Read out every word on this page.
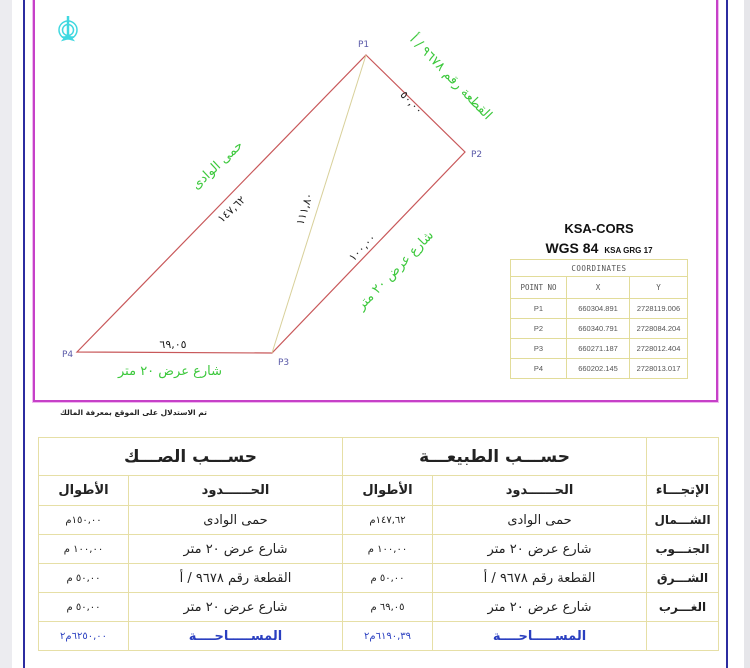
P1
P2
P3
P4
حمى الوادى
١٤٧,٦٢
القطعة رقم ٩٦٧٨ / أ
٥٠,٠٠
شارع عرض ٢٠ متر
١٠٠,٠٠
شارع عرض ٢٠ متر
٦٩,٠٥
١١١,٨٠
KSA-CORS
WGS 84 KSA GRG 17
COORDINATES		
POINT NO	X	Y
P1	660304.891	2728119.006
P2	660340.791	2728084.204
P3	660271.187	2728012.404
P4	660202.145	2728013.017
تم الاستدلال على الموقع بمعرفة المالك
	حســـب الطبيعـــة		حســـب الصـــك	
الإتجـــاء	الحــــــدود	الأطوال	الحــــــدود	الأطوال
الشـــمال	حمى الوادى	١٤٧,٦٢م	حمى الوادى	١٥٠,٠٠م
الجنـــوب	شارع عرض ٢٠ متر	١٠٠,٠٠ م	شارع عرض ٢٠ متر	١٠٠,٠٠ م
الشـــرق	القطعة رقم ٩٦٧٨ / أ	٥٠,٠٠ م	القطعة رقم ٩٦٧٨ / أ	٥٠,٠٠ م
الغـــرب	شارع عرض ٢٠ متر	٦٩,٠٥ م	شارع عرض ٢٠ متر	٥٠,٠٠ م
	المســـــاحــــة	٦١٩٠,٣٩م٢	المســـــاحــــة	٦٢٥٠,٠٠م٢
